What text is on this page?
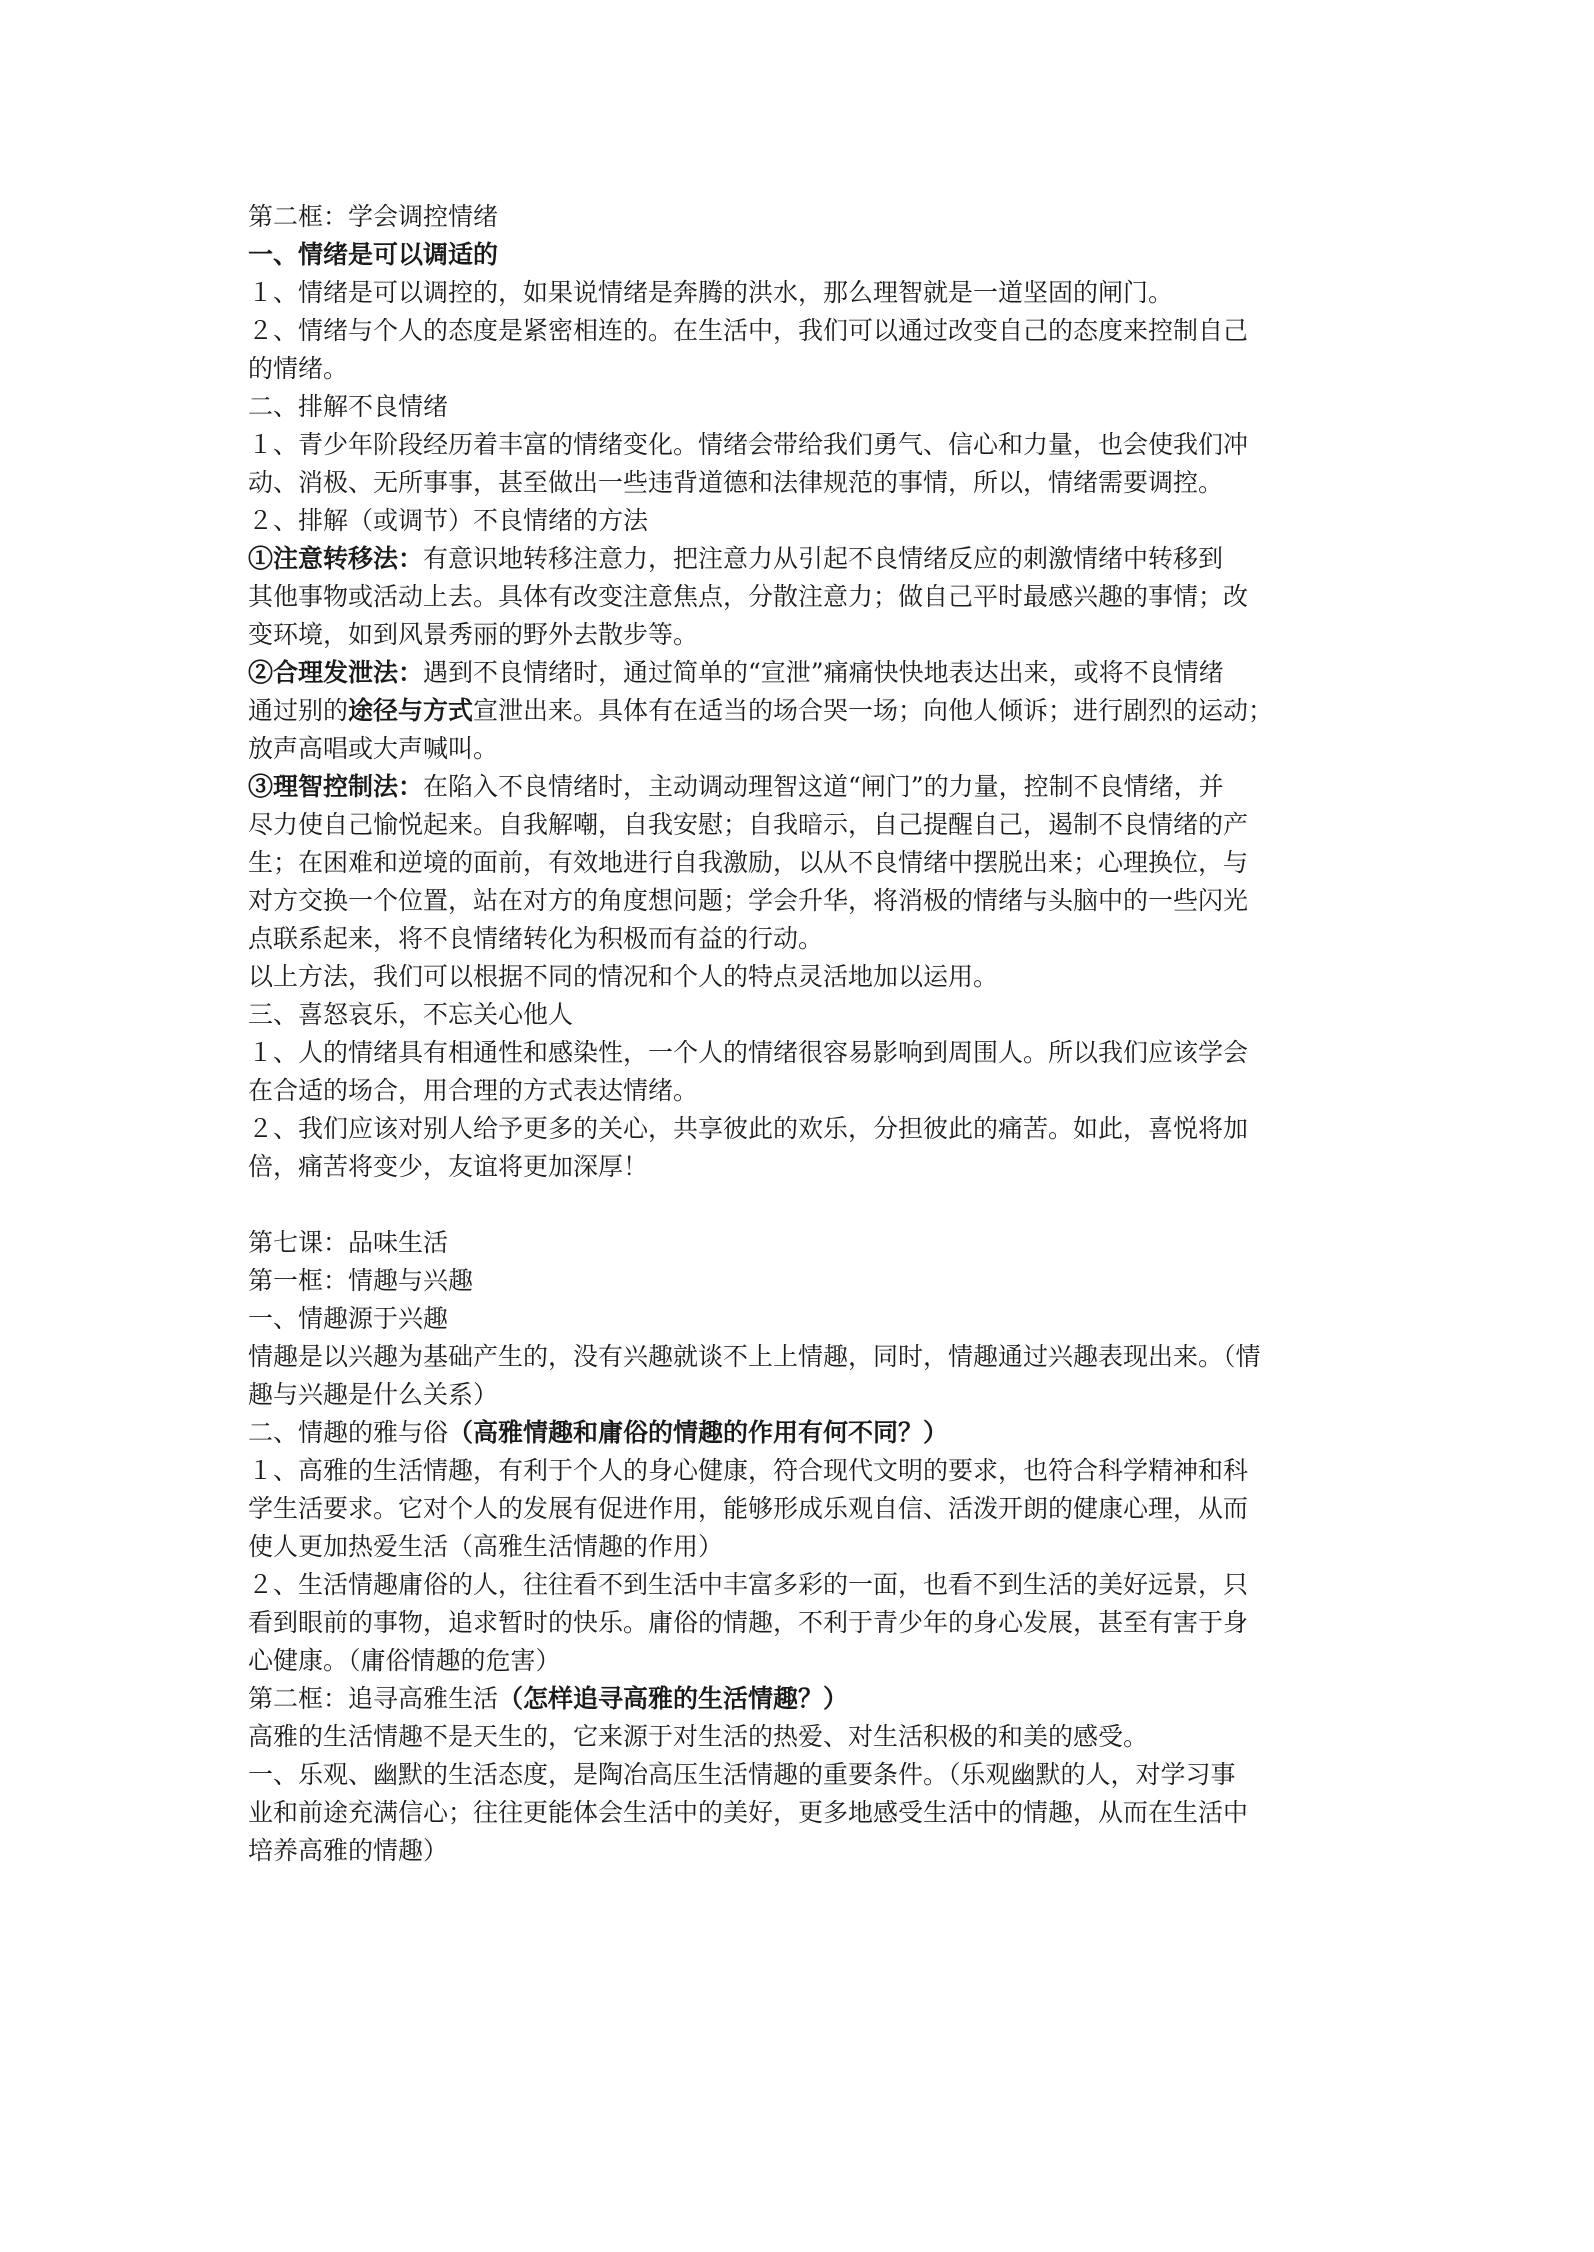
第二框：学会调控情绪

一、情绪是可以调适的

１、情绪是可以调控的，如果说情绪是奔腾的洪水，那么理智就是一道坚固的闸门。

２、情绪与个人的态度是紧密相连的。在生活中，我们可以通过改变自己的态度来控制自己

的情绪。

二、排解不良情绪

１、青少年阶段经历着丰富的情绪变化。情绪会带给我们勇气、信心和力量，也会使我们冲

动、消极、无所事事，甚至做出一些违背道德和法律规范的事情，所以，情绪需要调控。

２、排解（或调节）不良情绪的方法

①注意转移法：有意识地转移注意力，把注意力从引起不良情绪反应的刺激情绪中转移到

其他事物或活动上去。具体有改变注意焦点，分散注意力；做自己平时最感兴趣的事情；改

变环境，如到风景秀丽的野外去散步等。

②合理发泄法：遇到不良情绪时，通过简单的“宣泄”痛痛快快地表达出来，或将不良情绪

通过别的途径与方式宣泄出来。具体有在适当的场合哭一场；向他人倾诉；进行剧烈的运动；

放声高唱或大声喊叫。

③理智控制法：在陷入不良情绪时，主动调动理智这道“闸门”的力量，控制不良情绪，并

尽力使自己愉悦起来。自我解嘲，自我安慰；自我暗示，自己提醒自己，遏制不良情绪的产

生；在困难和逆境的面前，有效地进行自我激励，以从不良情绪中摆脱出来；心理换位，与

对方交换一个位置，站在对方的角度想问题；学会升华，将消极的情绪与头脑中的一些闪光

点联系起来，将不良情绪转化为积极而有益的行动。

以上方法，我们可以根据不同的情况和个人的特点灵活地加以运用。

三、喜怒哀乐，不忘关心他人

１、人的情绪具有相通性和感染性，一个人的情绪很容易影响到周围人。所以我们应该学会

在合适的场合，用合理的方式表达情绪。

２、我们应该对别人给予更多的关心，共享彼此的欢乐，分担彼此的痛苦。如此，喜悦将加

倍，痛苦将变少，友谊将更加深厚！

第七课：品味生活

第一框：情趣与兴趣

一、情趣源于兴趣

情趣是以兴趣为基础产生的，没有兴趣就谈不上上情趣，同时，情趣通过兴趣表现出来。（情

趣与兴趣是什么关系）

二、情趣的雅与俗（高雅情趣和庸俗的情趣的作用有何不同？）

１、高雅的生活情趣，有利于个人的身心健康，符合现代文明的要求，也符合科学精神和科

学生活要求。它对个人的发展有促进作用，能够形成乐观自信、活泼开朗的健康心理，从而

使人更加热爱生活（高雅生活情趣的作用）

２、生活情趣庸俗的人，往往看不到生活中丰富多彩的一面，也看不到生活的美好远景，只

看到眼前的事物，追求暂时的快乐。庸俗的情趣，不利于青少年的身心发展，甚至有害于身

心健康。（庸俗情趣的危害）

第二框：追寻高雅生活（怎样追寻高雅的生活情趣？）

高雅的生活情趣不是天生的，它来源于对生活的热爱、对生活积极的和美的感受。

一、乐观、幽默的生活态度，是陶冶高压生活情趣的重要条件。（乐观幽默的人，对学习事

业和前途充满信心；往往更能体会生活中的美好，更多地感受生活中的情趣，从而在生活中

培养高雅的情趣）
